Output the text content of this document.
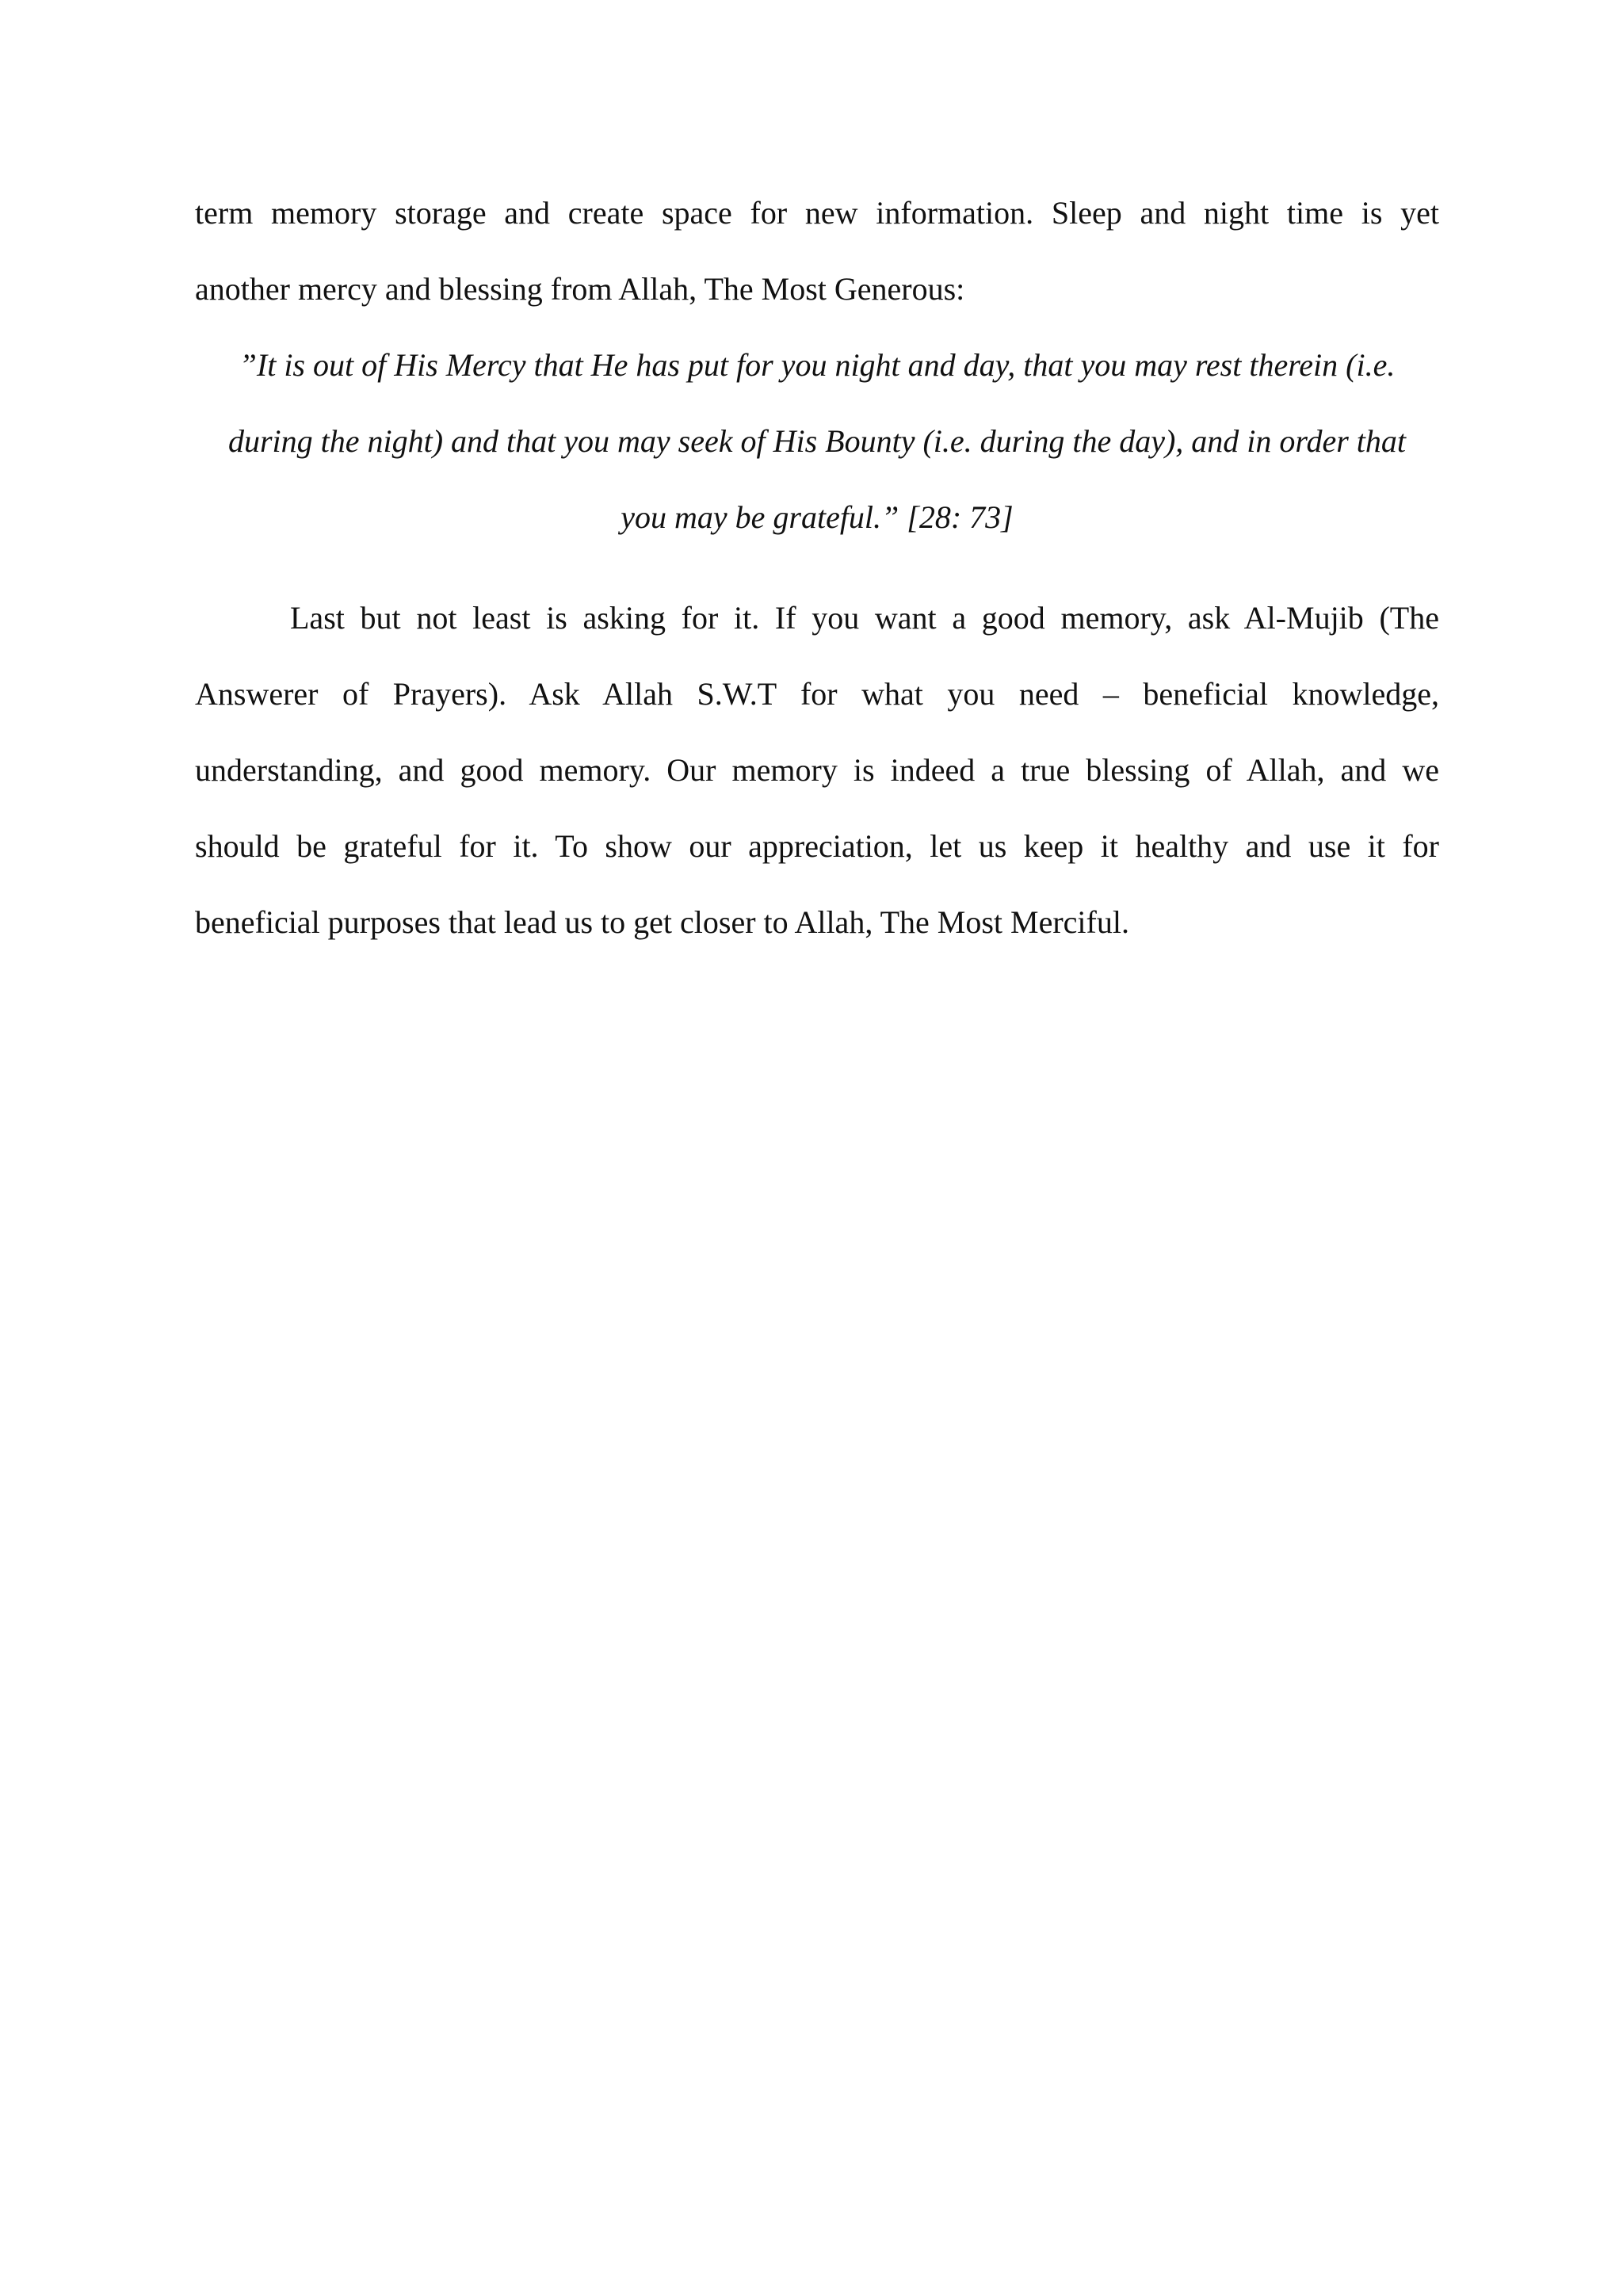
term memory storage and create space for new information. Sleep and night time is yet
another mercy and blessing from Allah, The Most Generous:
”It is out of His Mercy that He has put for you night and day, that you may rest therein (i.e.
during the night) and that you may seek of His Bounty (i.e. during the day), and in order that
you may be grateful.” [28: 73]
Last but not least is asking for it. If you want a good memory, ask Al-Mujib (The
Answerer of Prayers). Ask Allah S.W.T for what you need – beneficial knowledge,
understanding, and good memory. Our memory is indeed a true blessing of Allah, and we
should be grateful for it. To show our appreciation, let us keep it healthy and use it for
beneficial purposes that lead us to get closer to Allah, The Most Merciful.
